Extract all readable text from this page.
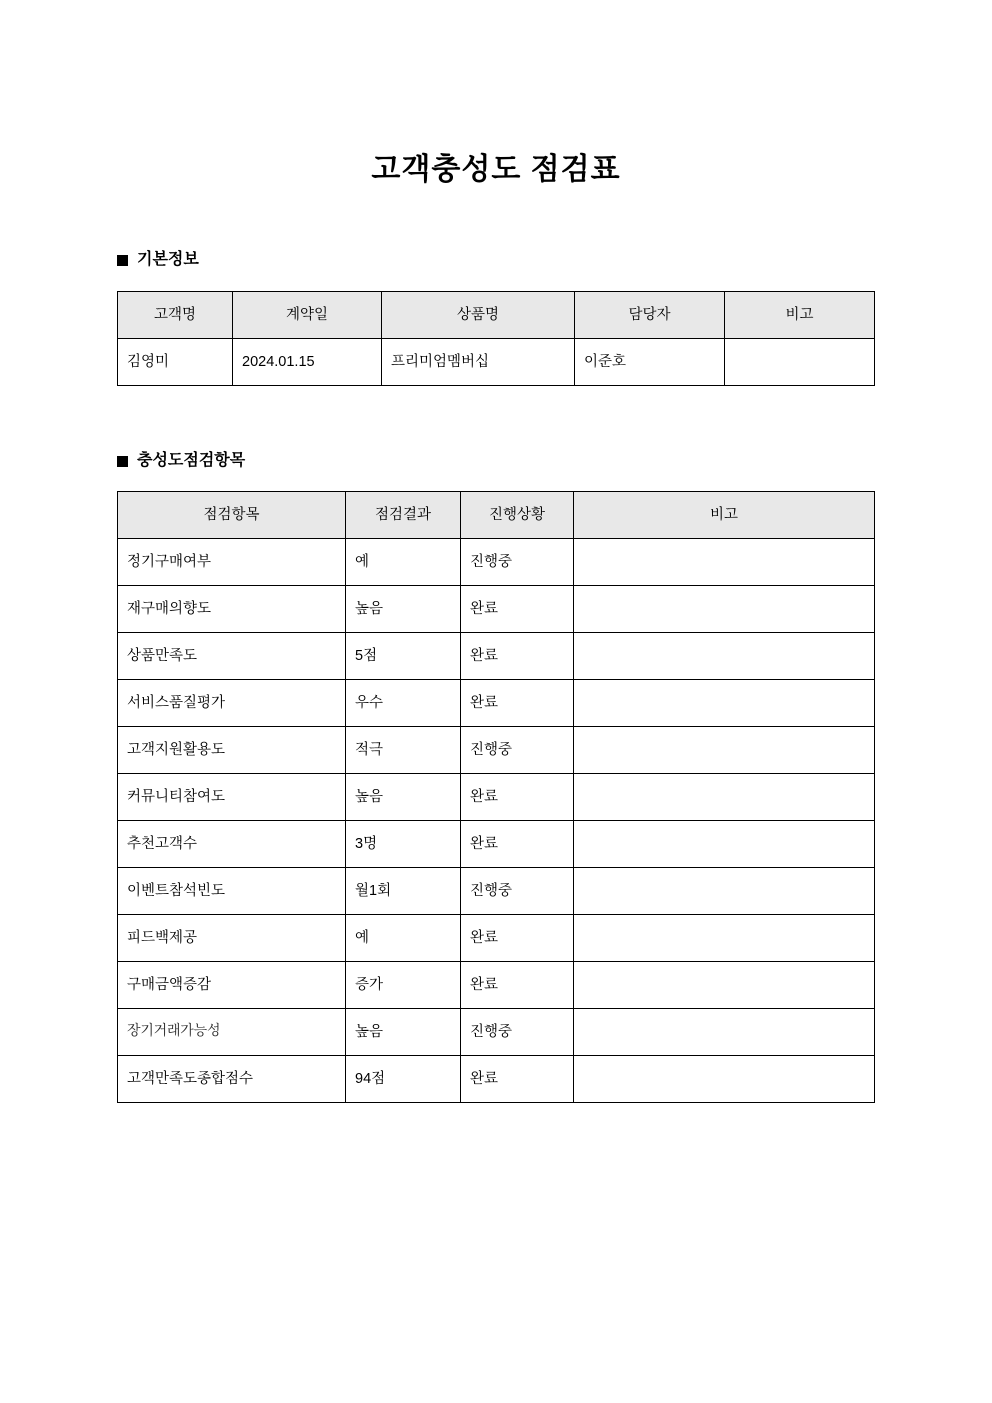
고객충성도 점검표
기본정보
고객명	계약일	상품명	담당자	비고
김영미	2024.01.15	프리미엄멤버십	이준호	
충성도점검항목
점검항목	점검결과	진행상황	비고
정기구매여부	예	진행중	
재구매의향도	높음	완료	
상품만족도	5점	완료	
서비스품질평가	우수	완료	
고객지원활용도	적극	진행중	
커뮤니티참여도	높음	완료	
추천고객수	3명	완료	
이벤트참석빈도	월1회	진행중	
피드백제공	예	완료	
구매금액증감	증가	완료	
장기거래가능성	높음	진행중	
고객만족도종합점수	94점	완료	
